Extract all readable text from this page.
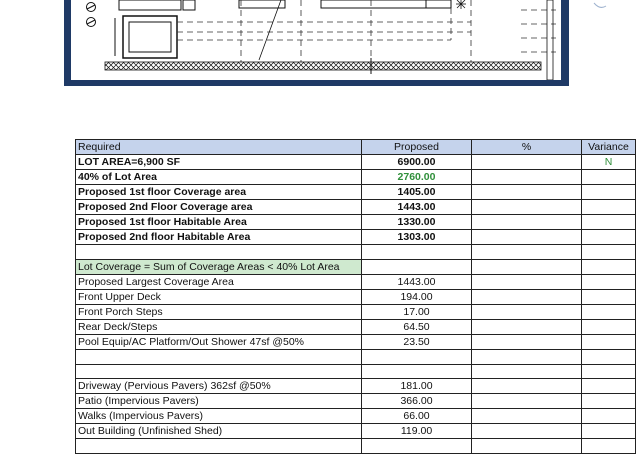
Required	Proposed	%	Variance
LOT AREA=6,900 SF	6900.00		N
40% of Lot Area	2760.00		
Proposed 1st floor Coverage area	1405.00		
Proposed 2nd Floor Coverage area	1443.00		
Proposed 1st floor Habitable Area	1330.00		
Proposed 2nd floor Habitable Area	1303.00		

Lot Coverage = Sum of Coverage Areas < 40% Lot Area			
Proposed Largest Coverage Area	1443.00		
Front Upper Deck	194.00		
Front Porch Steps	17.00		
Rear Deck/Steps	64.50		
Pool Equip/AC Platform/Out Shower 47sf @50%	23.50		

Driveway (Pervious Pavers) 362sf @50%	181.00		
Patio (Impervious Pavers)	366.00		
Walks (Impervious Pavers)	66.00		
Out Building (Unfinished Shed)	119.00		
